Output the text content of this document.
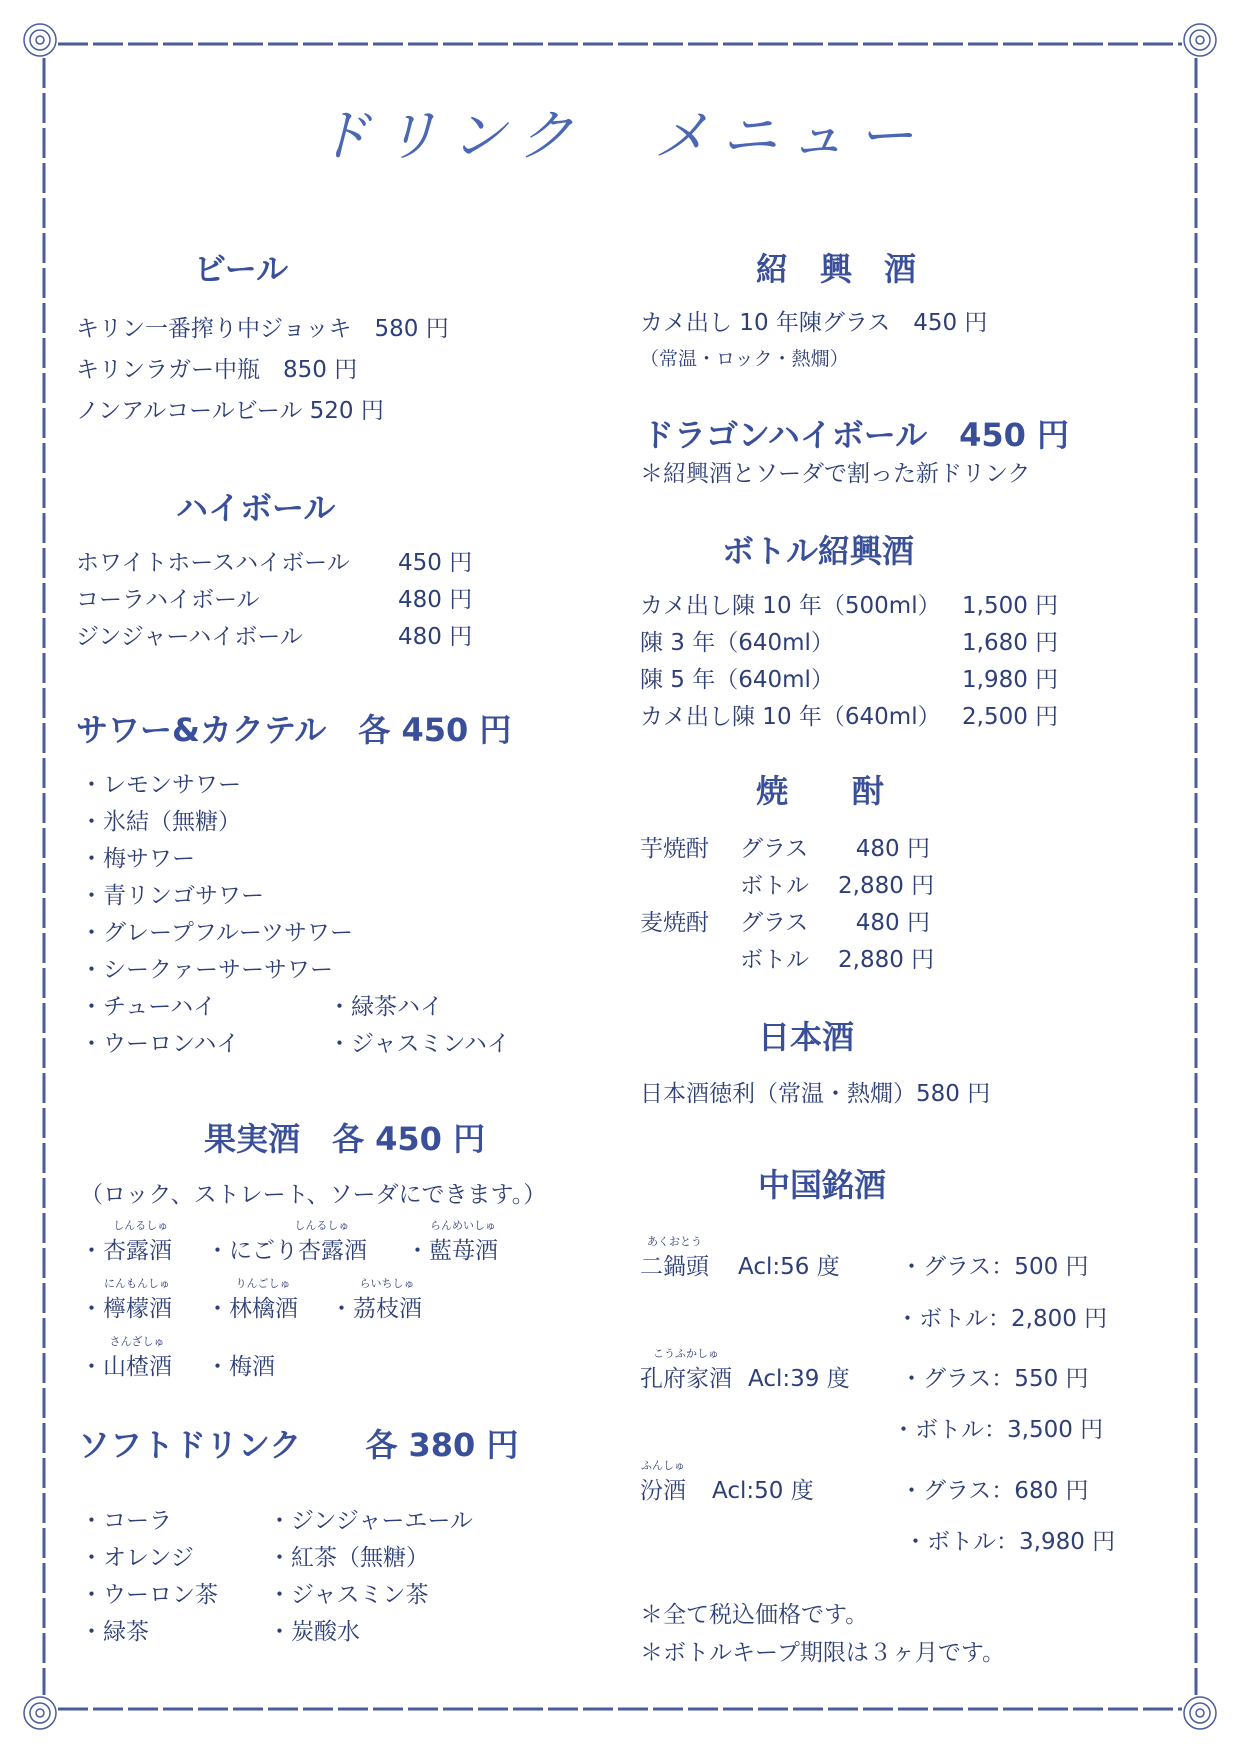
ドリンク　メニュー
ビール
キリン一番搾り中ジョッキ　580 円
キリンラガー中瓶　850 円
ノンアルコールビール 520 円
ハイボール
ホワイトホースハイボール 450 円
コーラハイボール	480 円
ジンジャーハイボール	480 円
サワー&カクテル　各 450 円
・レモンサワー
・氷結（無糖）
・梅サワー
・青リンゴサワー
・グレープフルーツサワー
・シークァーサーサワー
・チューハイ	・緑茶ハイ
・ウーロンハイ	・ジャスミンハイ
果実酒　各 450 円
（ロック、ストレート、ソーダにできます。）
しんるしゅ
・杏露酒
しんるしゅ
・にごり杏露酒
らんめいしゅ
・藍苺酒
にんもんしゅ
・檸檬酒
りんごしゅ
・林檎酒
らいちしゅ
・茘枝酒
さんざしゅ
・山楂酒 ・梅酒
ソフトドリンク　　各 380 円
・コーラ	・ジンジャーエール
・オレンジ	・紅茶（無糖）
・ウーロン茶 ・ジャスミン茶
・緑茶	・炭酸水
紹　興　酒
カメ出し 10 年陳グラス　450 円
（常温・ロック・熱燗）
ドラゴンハイボール　450 円
＊紹興酒とソーダで割った新ドリンク
ボトル紹興酒
カメ出し陳 10 年（500ml） 1,500 円
陳 3 年（640ml）	1,680 円
陳 5 年（640ml）	1,980 円
カメ出し陳 10 年（640ml） 2,500 円
焼　　酎
芋焼酎 グラス	480 円
ボトル 2,880 円
麦焼酎 グラス	480 円
ボトル 2,880 円
日本酒
日本酒徳利（常温・熱燗）580 円
中国銘酒
あくおとう
二鍋頭 Acl:56 度	・グラス：500 円
・ボトル：2,800 円
こうふかしゅ
孔府家酒 Acl:39 度 ・グラス：550 円
・ボトル：3,500 円
ふんしゅ
汾酒 Acl:50 度	・グラス：680 円
・ボトル：3,980 円
＊全て税込価格です。
＊ボトルキープ期限は３ヶ月です。
